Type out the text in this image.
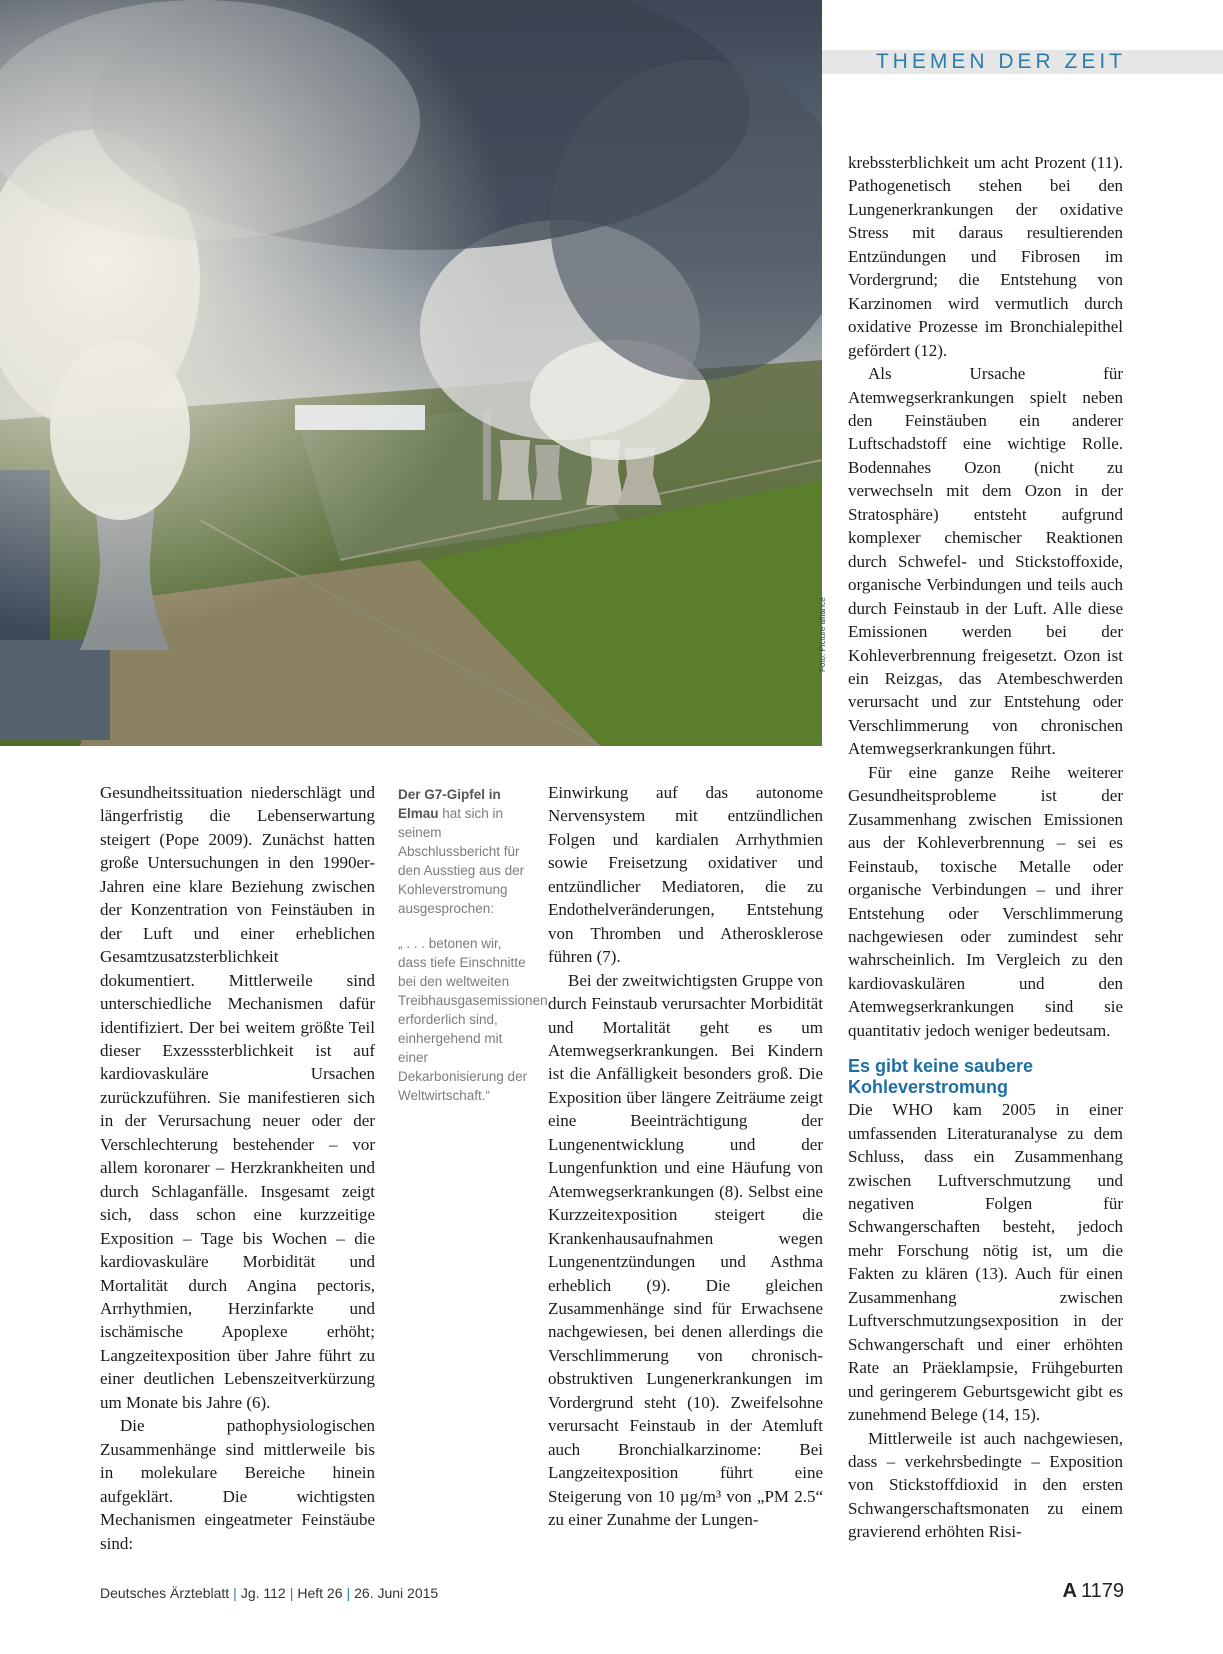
Foto: Picture alliance
THEMEN DER ZEIT

Gesundheitssituation niederschlägt und längerfristig die Lebenserwartung steigert (Pope 2009). Zunächst hatten große Untersuchungen in den 1990er-Jahren eine klare Beziehung zwischen der Konzentration von Feinstäuben in der Luft und einer erheblichen Gesamtzusatzsterblichkeit dokumentiert. Mittlerweile sind unterschiedliche Mechanismen dafür identifiziert. Der bei weitem größte Teil dieser Exzesssterblichkeit ist auf kardiovaskuläre Ursachen zurückzuführen. Sie manifestieren sich in der Verursachung neuer oder der Verschlechterung bestehender – vor allem koronarer – Herzkrankheiten und durch Schlaganfälle. Insgesamt zeigt sich, dass schon eine kurzzeitige Exposition – Tage bis Wochen – die kardiovaskuläre Morbidität und Mortalität durch Angina pectoris, Arrhythmien, Herzinfarkte und ischämische Apoplexe erhöht; Langzeitexposition über Jahre führt zu einer deutlichen Lebenszeitverkürzung um Monate bis Jahre (6).

Die pathophysiologischen Zusammenhänge sind mittlerweile bis in molekulare Bereiche hinein aufgeklärt. Die wichtigsten Mechanismen eingeatmeter Feinstäube sind:

Der G7-Gipfel in Elmau hat sich in seinem Abschlussbericht für den Ausstieg aus der Kohleverstromung ausgesprochen:
„ . . . betonen wir, dass tiefe Einschnitte bei den weltweiten Treibhausgasemissionen erforderlich sind, einhergehend mit einer Dekarbonisierung der Weltwirtschaft.“

Einwirkung auf das autonome Nervensystem mit entzündlichen Folgen und kardialen Arrhythmien sowie Freisetzung oxidativer und entzündlicher Mediatoren, die zu Endothelveränderungen, Entstehung von Thromben und Atherosklerose führen (7).

Bei der zweitwichtigsten Gruppe von durch Feinstaub verursachter Morbidität und Mortalität geht es um Atemwegserkrankungen. Bei Kindern ist die Anfälligkeit besonders groß. Die Exposition über längere Zeiträume zeigt eine Beeinträchtigung der Lungenentwicklung und der Lungenfunktion und eine Häufung von Atemwegserkrankungen (8). Selbst eine Kurzzeitexposition steigert die Krankenhausaufnahmen wegen Lungenentzündungen und Asthma erheblich (9). Die gleichen Zusammenhänge sind für Erwachsene nachgewiesen, bei denen allerdings die Verschlimmerung von chronisch-obstruktiven Lungenerkrankungen im Vordergrund steht (10). Zweifelsohne verursacht Feinstaub in der Atemluft auch Bronchialkarzinome: Bei Langzeitexposition führt eine Steigerung von 10 µg/m³ von „PM 2.5“ zu einer Zunahme der Lungen-

krebssterblichkeit um acht Prozent (11). Pathogenetisch stehen bei den Lungenerkrankungen der oxidative Stress mit daraus resultierenden Entzündungen und Fibrosen im Vordergrund; die Entstehung von Karzinomen wird vermutlich durch oxidative Prozesse im Bronchialepithel gefördert (12).

Als Ursache für Atemwegserkrankungen spielt neben den Feinstäuben ein anderer Luftschadstoff eine wichtige Rolle. Bodennahes Ozon (nicht zu verwechseln mit dem Ozon in der Stratosphäre) entsteht aufgrund komplexer chemischer Reaktionen durch Schwefel- und Stickstoffoxide, organische Verbindungen und teils auch durch Feinstaub in der Luft. Alle diese Emissionen werden bei der Kohleverbrennung freigesetzt. Ozon ist ein Reizgas, das Atembeschwerden verursacht und zur Entstehung oder Verschlimmerung von chronischen Atemwegserkrankungen führt.

Für eine ganze Reihe weiterer Gesundheitsprobleme ist der Zusammenhang zwischen Emissionen aus der Kohleverbrennung – sei es Feinstaub, toxische Metalle oder organische Verbindungen – und ihrer Entstehung oder Verschlimmerung nachgewiesen oder zumindest sehr wahrscheinlich. Im Vergleich zu den kardiovaskulären und den Atemwegserkrankungen sind sie quantitativ jedoch weniger bedeutsam.

Es gibt keine saubere Kohleverstromung

Die WHO kam 2005 in einer umfassenden Literaturanalyse zu dem Schluss, dass ein Zusammenhang zwischen Luftverschmutzung und negativen Folgen für Schwangerschaften besteht, jedoch mehr Forschung nötig ist, um die Fakten zu klären (13). Auch für einen Zusammenhang zwischen Luftverschmutzungsexposition in der Schwangerschaft und einer erhöhten Rate an Präeklampsie, Frühgeburten und geringerem Geburtsgewicht gibt es zunehmend Belege (14, 15).

Mittlerweile ist auch nachgewiesen, dass – verkehrsbedingte – Exposition von Stickstoffdioxid in den ersten Schwangerschaftsmonaten zu einem gravierend erhöhten Risi-

Deutsches Ärzteblatt | Jg. 112 | Heft 26 | 26. Juni 2015	A 1179
